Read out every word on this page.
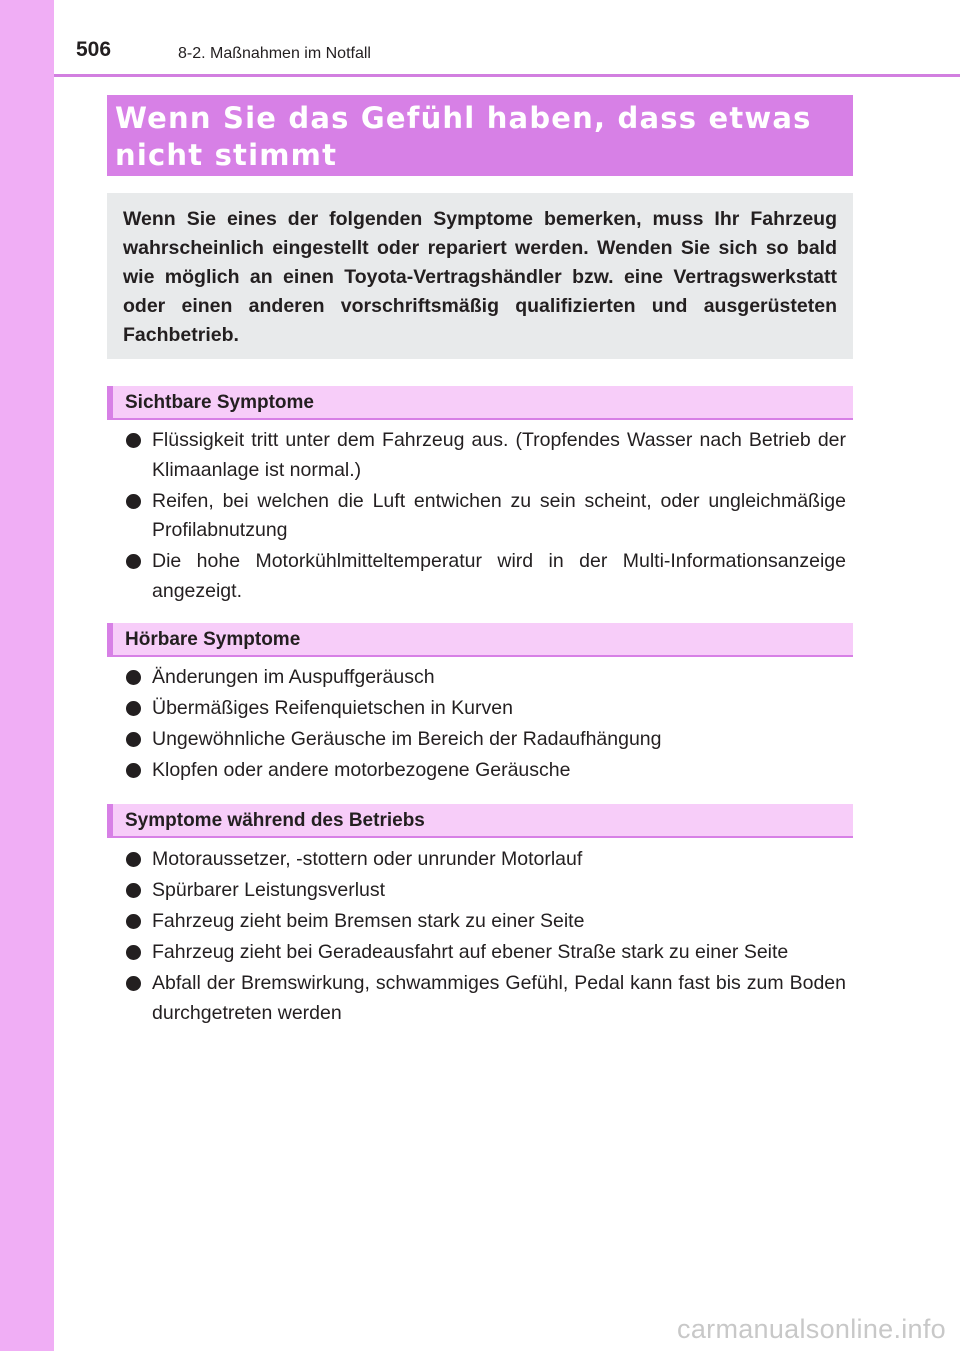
506	8-2. Maßnahmen im Notfall
Wenn Sie das Gefühl haben, dass etwas nicht stimmt

Wenn Sie eines der folgenden Symptome bemerken, muss Ihr Fahrzeug wahrscheinlich eingestellt oder repariert werden. Wenden Sie sich so bald wie möglich an einen Toyota-Vertragshändler bzw. eine Vertragswerkstatt oder einen anderen vorschriftsmäßig qualifizierten und ausgerüsteten Fachbetrieb.

Sichtbare Symptome
Flüssigkeit tritt unter dem Fahrzeug aus. (Tropfendes Wasser nach Betrieb der Klimaanlage ist normal.)
Reifen, bei welchen die Luft entwichen zu sein scheint, oder ungleichmäßige Profilabnutzung
Die hohe Motorkühlmitteltemperatur wird in der Multi-Informationsanzeige angezeigt.
Hörbare Symptome
Änderungen im Auspuffgeräusch
Übermäßiges Reifenquietschen in Kurven
Ungewöhnliche Geräusche im Bereich der Radaufhängung
Klopfen oder andere motorbezogene Geräusche
Symptome während des Betriebs
Motoraussetzer, -stottern oder unrunder Motorlauf
Spürbarer Leistungsverlust
Fahrzeug zieht beim Bremsen stark zu einer Seite
Fahrzeug zieht bei Geradeausfahrt auf ebener Straße stark zu einer Seite
Abfall der Bremswirkung, schwammiges Gefühl, Pedal kann fast bis zum Boden durchgetreten werden
carmanualsonline.info
